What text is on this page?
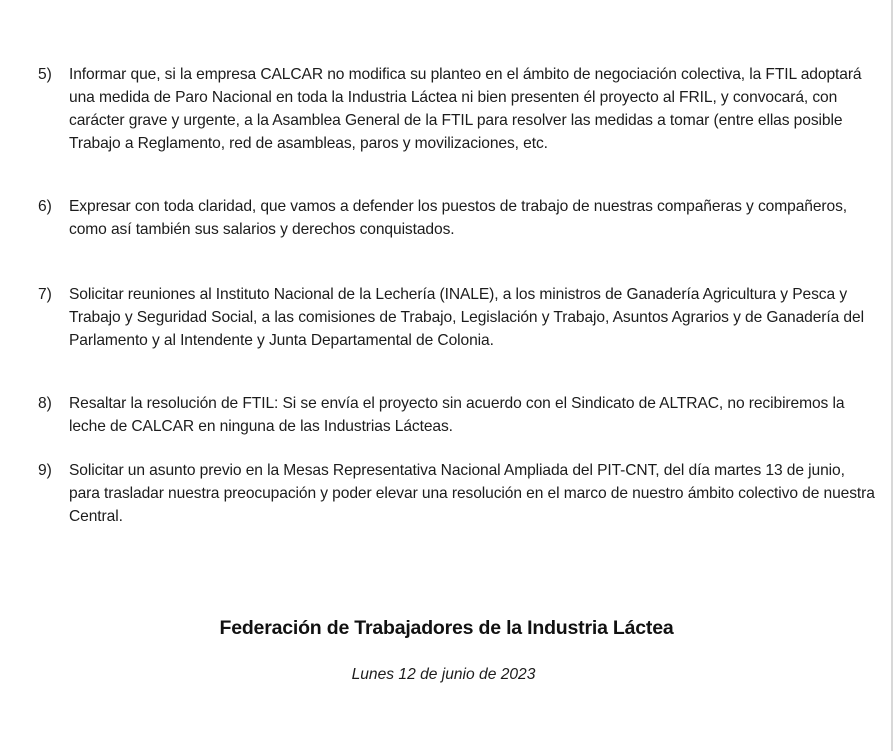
5)	Informar que, si la empresa CALCAR no modifica su planteo en el ámbito de negociación colectiva, la FTIL adoptará una medida de Paro Nacional en toda la Industria Láctea ni bien presenten él proyecto al FRIL, y convocará, con carácter grave y urgente, a la Asamblea General de la FTIL para resolver las medidas a tomar (entre ellas posible Trabajo a Reglamento, red de asambleas, paros y movilizaciones, etc.
6)	Expresar con toda claridad, que vamos a defender los puestos de trabajo de nuestras compañeras y compañeros, como así también sus salarios y derechos conquistados.
7)	Solicitar reuniones al Instituto Nacional de la Lechería (INALE), a los ministros de Ganadería Agricultura y Pesca y Trabajo y Seguridad Social, a las comisiones de Trabajo, Legislación y Trabajo, Asuntos Agrarios y de Ganadería del Parlamento y al Intendente y Junta Departamental de Colonia.
8)	Resaltar la resolución de FTIL: Si se envía el proyecto sin acuerdo con el Sindicato de ALTRAC, no recibiremos la leche de CALCAR en ninguna de las Industrias Lácteas.
9)	Solicitar un asunto previo en la Mesas Representativa Nacional Ampliada del PIT-CNT, del día martes 13 de junio, para trasladar nuestra preocupación y poder elevar una resolución en el marco de nuestro ámbito colectivo de nuestra Central.
Federación de Trabajadores de la Industria Láctea
Lunes 12 de junio de 2023
